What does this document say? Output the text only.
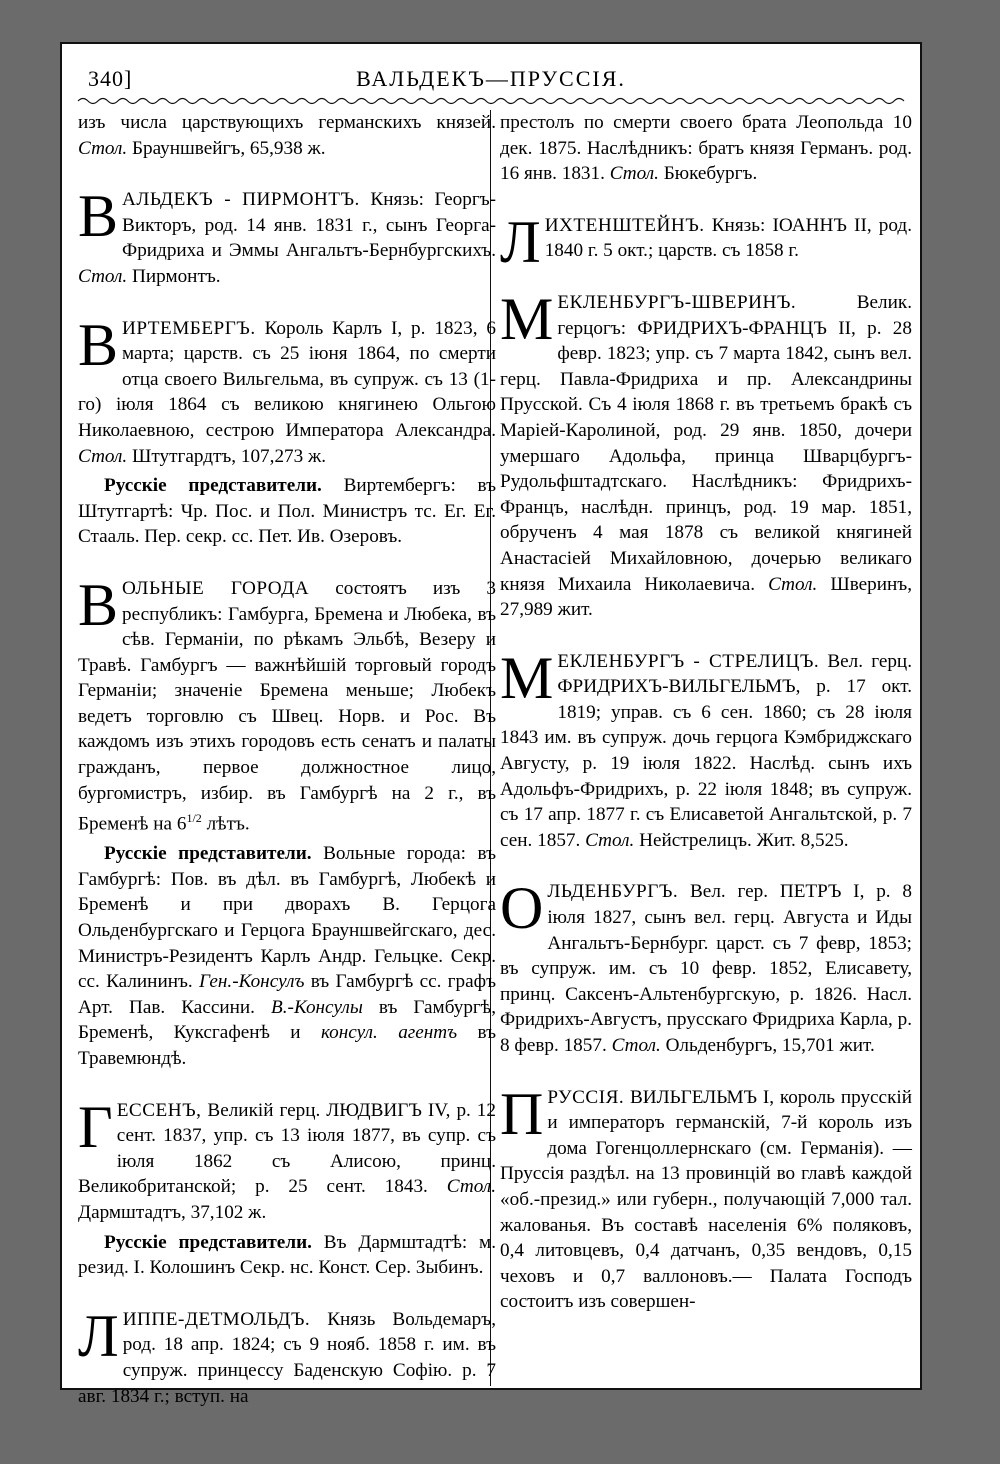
340]	ВАЛЬДЕКЪ—ПРУССІЯ.

изъ числа царствующихъ германскихъ князей. Стол. Брауншвейгъ, 65,938 ж.

ВАЛЬДЕКЪ - ПИРМОНТЪ. Князь: Георгъ-Викторъ, род. 14 янв. 1831 г., сынъ Георга-Фридриха и Эммы Ангальтъ-Бернбургскихъ. Стол. Пирмонтъ.

ВИРТЕМБЕРГЪ. Король Карлъ I, р. 1823, 6 марта; царств. съ 25 іюня 1864, по смерти отца своего Вильгельма, въ супруж. съ 13 (1-го) іюля 1864 съ великою княгинею Ольгою Николаевною, сестрою Императора Александра. Стол. Штутгардтъ, 107,273 ж.

Русскіе представители. Виртембергъ: въ Штутгартѣ: Чр. Пос. и Пол. Министръ тс. Ег. Ег. Стааль. Пер. секр. сс. Пет. Ив. Озеровъ.

ВОЛЬНЫЕ ГОРОДА состоятъ изъ 3 республикъ: Гамбурга, Бремена и Любека, въ сѣв. Германіи, по рѣкамъ Эльбѣ, Везеру и Травѣ. Гамбургъ — важнѣйшій торговый городъ Германіи; значеніе Бремена меньше; Любекъ ведетъ торговлю съ Швец. Норв. и Рос. Въ каждомъ изъ этихъ городовъ есть сенатъ и палаты гражданъ, первое должностное лицо, бургомистръ, избир. въ Гамбургѣ на 2 г., въ Бременѣ на $6^{1/2}$ лѣтъ.

Русскіе представители. Вольные города: въ Гамбургѣ: Пов. въ дѣл. въ Гамбургѣ, Любекѣ и Бременѣ и при дворахъ В. Герцога Ольденбургскаго и Герцога Брауншвейгскаго, дес. Министръ-Резидентъ Карлъ Андр. Гельцке. Секр. сс. Калининъ. Ген.-Консулъ въ Гамбургѣ сс. графъ Арт. Пав. Кассини. В.-Консулы въ Гамбургѣ, Бременѣ, Куксгафенѣ и консул. агентъ въ Травемюндѣ.

ГЕССЕНЪ, Великій герц. ЛЮДВИГЪ IV, р. 12 сент. 1837, упр. съ 13 іюля 1877, въ супр. съ іюля 1862 съ Алисою, принц. Великобританской; р. 25 сент. 1843. Стол. Дармштадтъ, 37,102 ж.

Русскіе представители. Въ Дармштадтѣ: м. резид. I. Колошинъ Секр. нс. Конст. Сер. Зыбинъ.

ЛИППЕ-ДЕТМОЛЬДЪ. Князь Вольдемаръ, род. 18 апр. 1824; съ 9 нояб. 1858 г. им. въ супруж. принцессу Баденскую Софію. р. 7 авг. 1834 г.; вступ. на

престолъ по смерти своего брата Леопольда 10 дек. 1875. Наслѣдникъ: братъ князя Германъ. род. 16 янв. 1831. Стол. Бюкебургъ.

ЛИХТЕНШТЕЙНЪ. Князь: ІОАННЪ II, род. 1840 г. 5 окт.; царств. съ 1858 г.

МЕКЛЕНБУРГЪ-ШВЕРИНЪ.	Велик. герцогъ: ФРИДРИХЪ-ФРАНЦЪ II, р. 28 февр. 1823; упр. съ 7 марта 1842, сынъ вел. герц. Павла-Фридриха и пр. Александрины Прусской. Съ 4 іюля 1868 г. въ третьемъ бракѣ съ Маріей-Каролиной, род. 29 янв. 1850, дочери умершаго Адольфа, принца Шварцбургъ-Рудольфштадтскаго. Наслѣдникъ: Фридрихъ-Францъ, наслѣдн. принцъ, род. 19 мар. 1851, обрученъ 4 мая 1878 съ великой княгиней Анастасіей Михайловною, дочерью великаго князя Михаила Николаевича. Стол. Шверинъ, 27,989 жит.

МЕКЛЕНБУРГЪ - СТРЕЛИЦЪ. Вел. герц. ФРИДРИХЪ-ВИЛЬГЕЛЬМЪ, р. 17 окт. 1819; управ. съ 6 сен. 1860; съ 28 іюля 1843 им. въ супруж. дочь герцога Кэмбриджскаго Августу, р. 19 іюля 1822. Наслѣд. сынъ ихъ Адольфъ-Фридрихъ, р. 22 іюля 1848; въ супруж. съ 17 апр. 1877 г. съ Елисаветой Ангальтской, р. 7 сен. 1857. Стол. Нейстрелицъ. Жит. 8,525.

ОЛЬДЕНБУРГЪ. Вел. гер. ПЕТРЪ I, р. 8 іюля 1827, сынъ вел. герц. Августа и Иды Ангальтъ-Бернбург. царст. съ 7 февр, 1853; въ супруж. им. съ 10 февр. 1852, Елисавету, принц. Саксенъ-Альтенбургскую, р. 1826. Насл. Фридрихъ-Августъ, прусскаго Фридриха Карла, р. 8 февр. 1857. Стол. Ольденбургъ, 15,701 жит.

ПРУССІЯ. ВИЛЬГЕЛЬМЪ I, король прусскій и императоръ германскій, 7-й король изъ дома Гогенцоллернскаго (см. Германія). — Пруссія раздѣл. на 13 провинцій во главѣ каждой «об.-презид.» или губерн., получающій 7,000 тал. жалованья. Въ составѣ населенія 6% поляковъ, 0,4 литовцевъ, 0,4 датчанъ, 0,35 вендовъ, 0,15 чеховъ и 0,7 валлоновъ.— Палата Господъ состоитъ изъ совершен-
